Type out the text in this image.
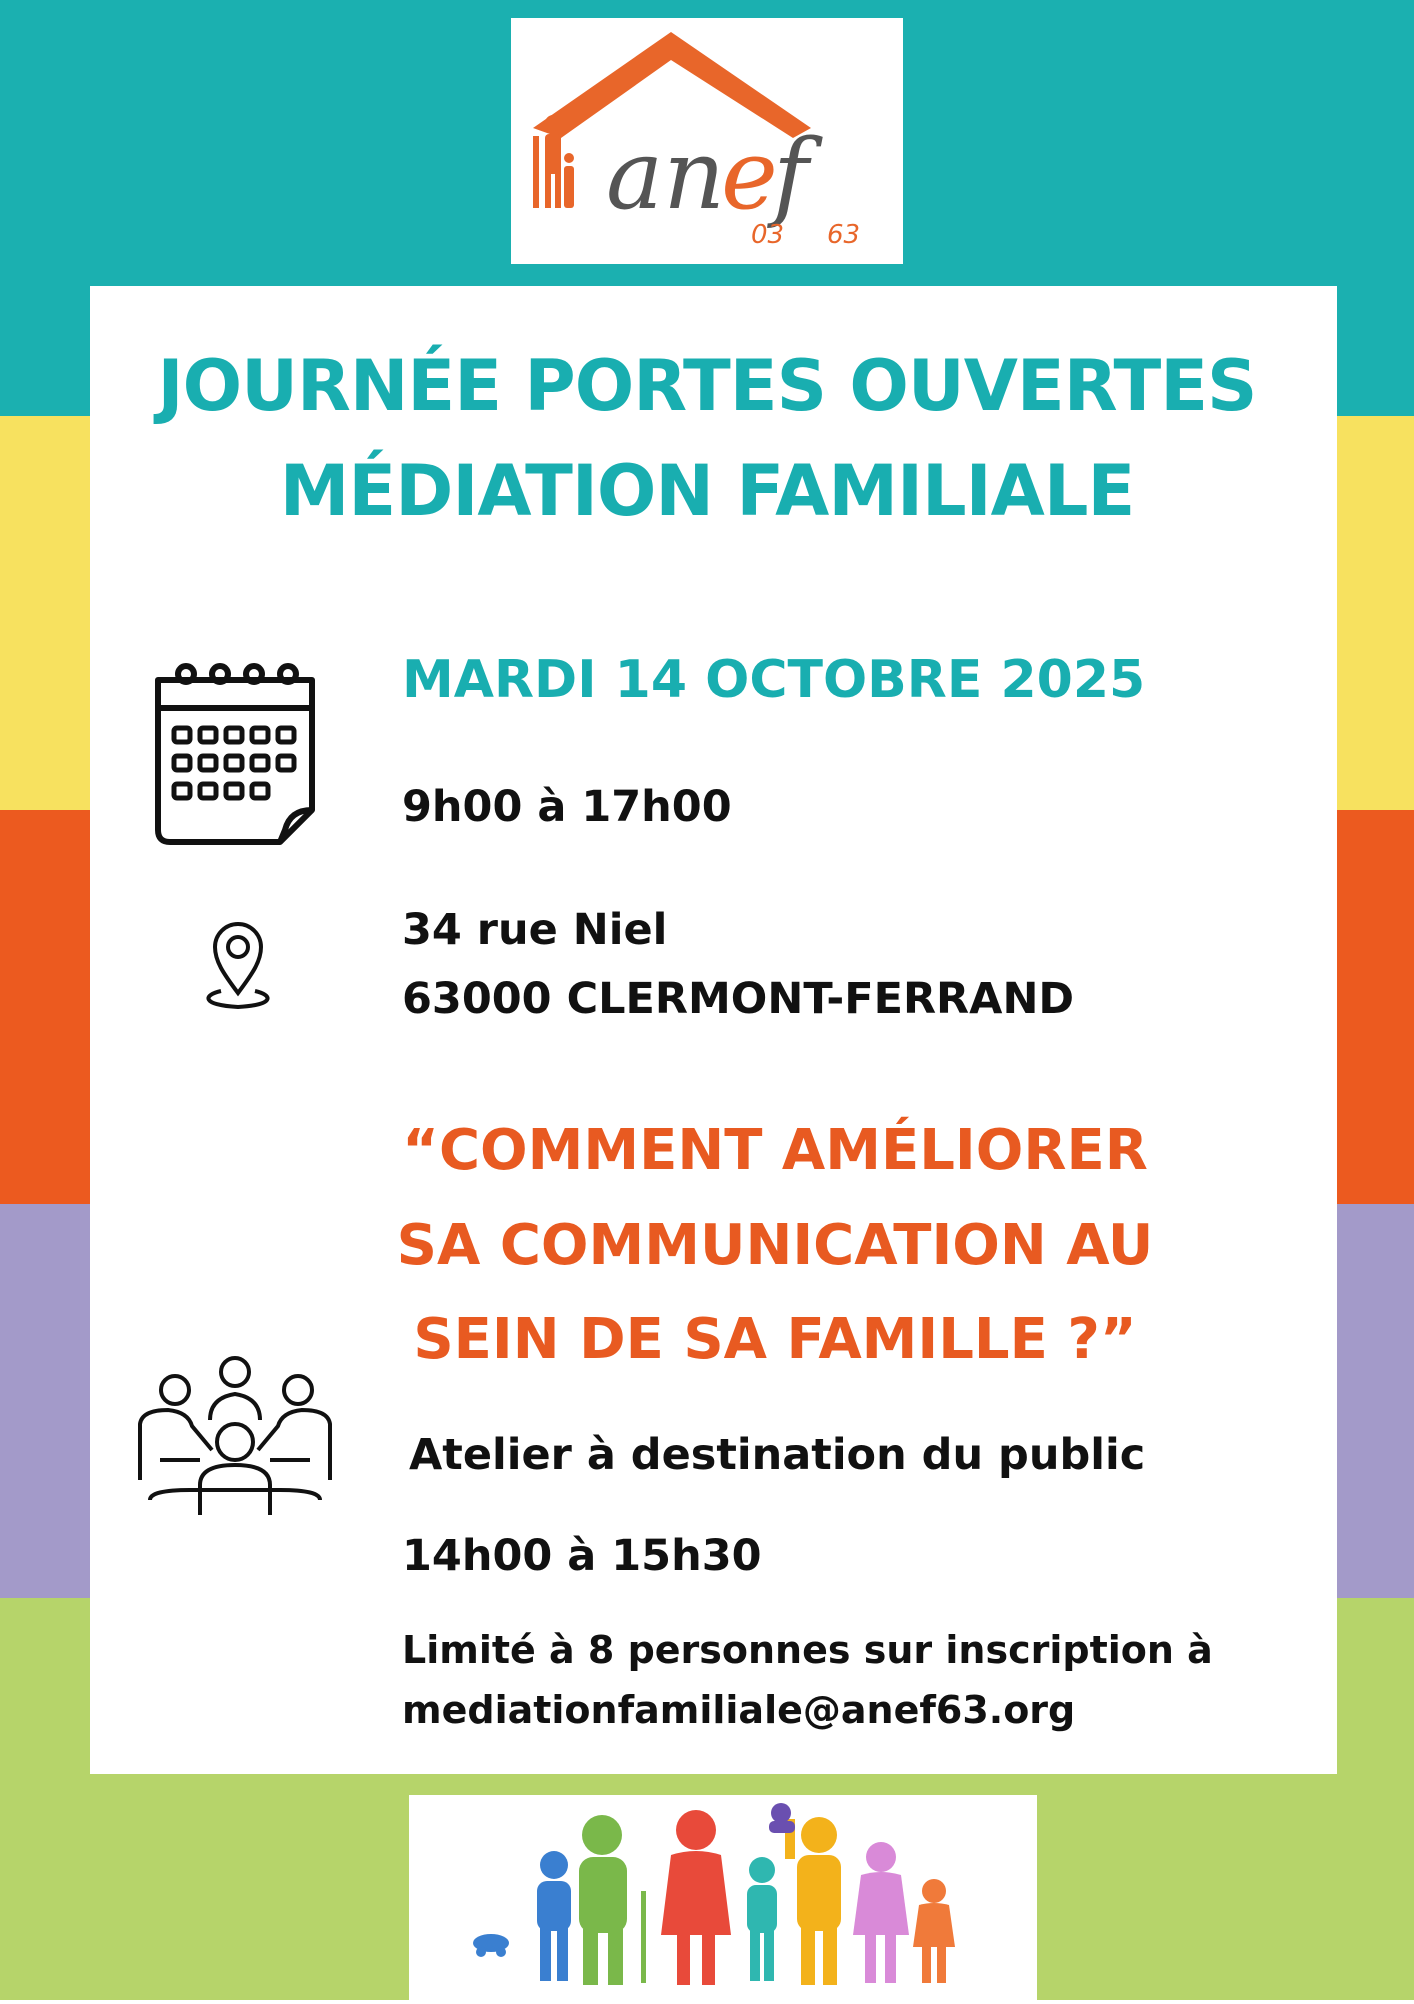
an
e
f
03 63
JOURNÉE PORTES OUVERTES
MÉDIATION FAMILIALE
MARDI 14 OCTOBRE 2025
9h00 à 17h00
34 rue Niel
63000 CLERMONT-FERRAND
“COMMENT AMÉLIORER
SA COMMUNICATION AU
SEIN DE SA FAMILLE ?”
Atelier à destination du public
14h00 à 15h30
Limité à 8 personnes sur inscription à
mediationfamiliale@anef63.org
